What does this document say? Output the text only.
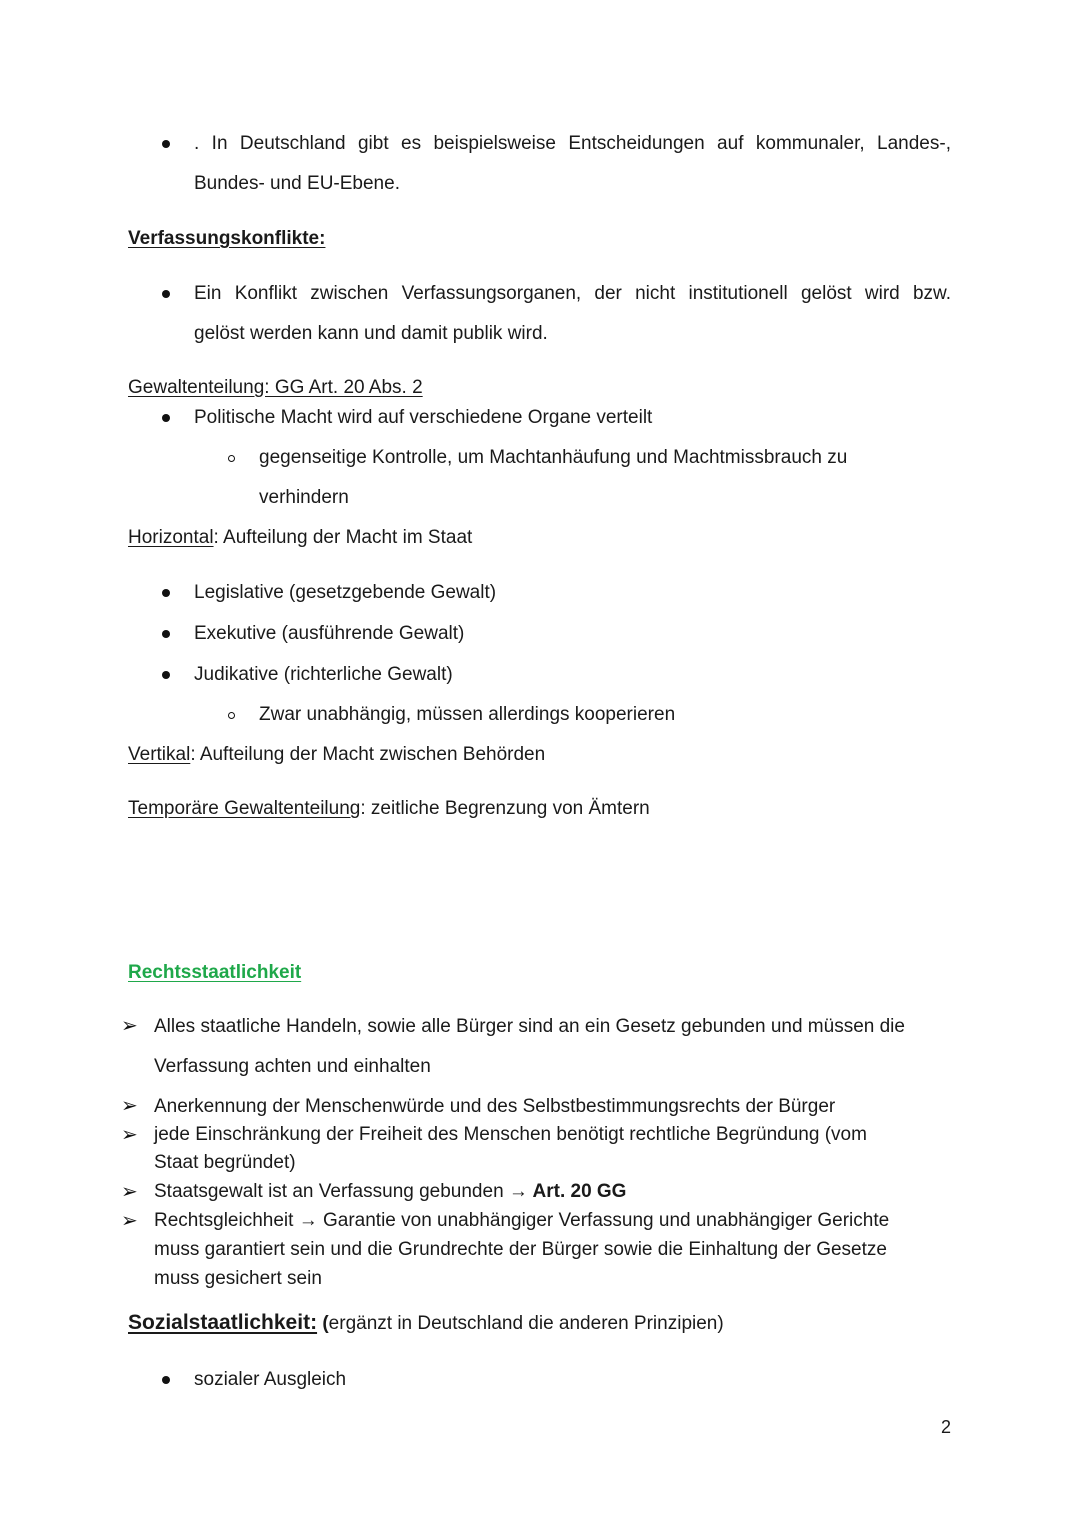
. In Deutschland gibt es beispielsweise Entscheidungen auf kommunaler, Landes-,
Bundes- und EU-Ebene.
Verfassungskonflikte:
Ein Konflikt zwischen Verfassungsorganen, der nicht institutionell gelöst wird bzw.
gelöst werden kann und damit publik wird.
Gewaltenteilung: GG Art. 20 Abs. 2
Politische Macht wird auf verschiedene Organe verteilt
gegenseitige Kontrolle, um Machtanhäufung und Machtmissbrauch zu
verhindern
Horizontal: Aufteilung der Macht im Staat
Legislative (gesetzgebende Gewalt)
Exekutive (ausführende Gewalt)
Judikative (richterliche Gewalt)
Zwar unabhängig, müssen allerdings kooperieren
Vertikal: Aufteilung der Macht zwischen Behörden
Temporäre Gewaltenteilung: zeitliche Begrenzung von Ämtern
Rechtsstaatlichkeit
➢ Alles staatliche Handeln, sowie alle Bürger sind an ein Gesetz gebunden und müssen die
Verfassung achten und einhalten
➢ Anerkennung der Menschenwürde und des Selbstbestimmungsrechts der Bürger
➢ jede Einschränkung der Freiheit des Menschen benötigt rechtliche Begründung (vom
Staat begründet)
➢ Staatsgewalt ist an Verfassung gebunden → Art. 20 GG
➢ Rechtsgleichheit → Garantie von unabhängiger Verfassung und unabhängiger Gerichte
muss garantiert sein und die Grundrechte der Bürger sowie die Einhaltung der Gesetze
muss gesichert sein
Sozialstaatlichkeit: (ergänzt in Deutschland die anderen Prinzipien)
sozialer Ausgleich
2
